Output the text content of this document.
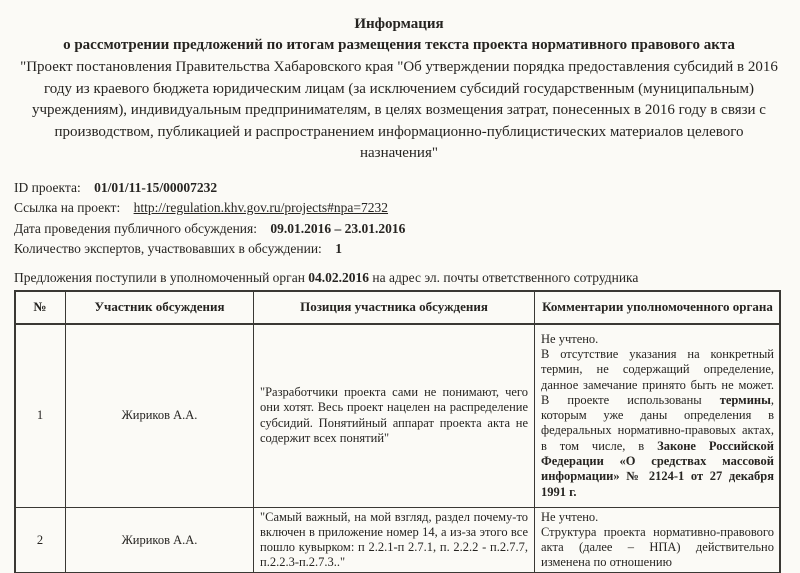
Информация
о рассмотрении предложений по итогам размещения текста проекта нормативного правового акта
"Проект постановления Правительства Хабаровского края "Об утверждении порядка предоставления субсидий в 2016 году из краевого бюджета юридическим лицам (за исключением субсидий государственным (муниципальным) учреждениям), индивидуальным предпринимателям, в целях возмещения затрат, понесенных в 2016 году в связи с производством, публикацией и распространением информационно-публицистических материалов целевого назначения"
ID проекта: 01/01/11-15/00007232
Ссылка на проект: http://regulation.khv.gov.ru/projects#npa=7232
Дата проведения публичного обсуждения: 09.01.2016 – 23.01.2016
Количество экспертов, участвовавших в обсуждении: 1
Предложения поступили в уполномоченный орган 04.02.2016 на адрес эл. почты ответственного сотрудника
№	Участник обсуждения	Позиция участника обсуждения	Комментарии уполномоченного органа
1	Жириков А.А.	"Разработчики проекта сами не понимают, чего они хотят. Весь проект нацелен на распределение субсидий. Понятийный аппарат проекта акта не содержит всех понятий"	Не учтено.
В отсутствие указания на конкретный термин, не содержащий определение, данное замечание принято быть не может. В проекте использованы термины, которым уже даны определения в федеральных нормативно-правовых актах, в том числе, в Законе Российской Федерации «О средствах массовой информации» № 2124-1 от 27 декабря 1991 г.

2	Жириков А.А.	"Самый важный, на мой взгляд, раздел почему-то включен в приложение номер 14, а из-за этого все пошло кувырком: п 2.2.1-п 2.7.1, п. 2.2.2 - п.2.7.7, п.2.2.3-п.2.7.3.."	Не учтено.
Структура проекта нормативно-правового акта (далее – НПА) действительно изменена по отношению
